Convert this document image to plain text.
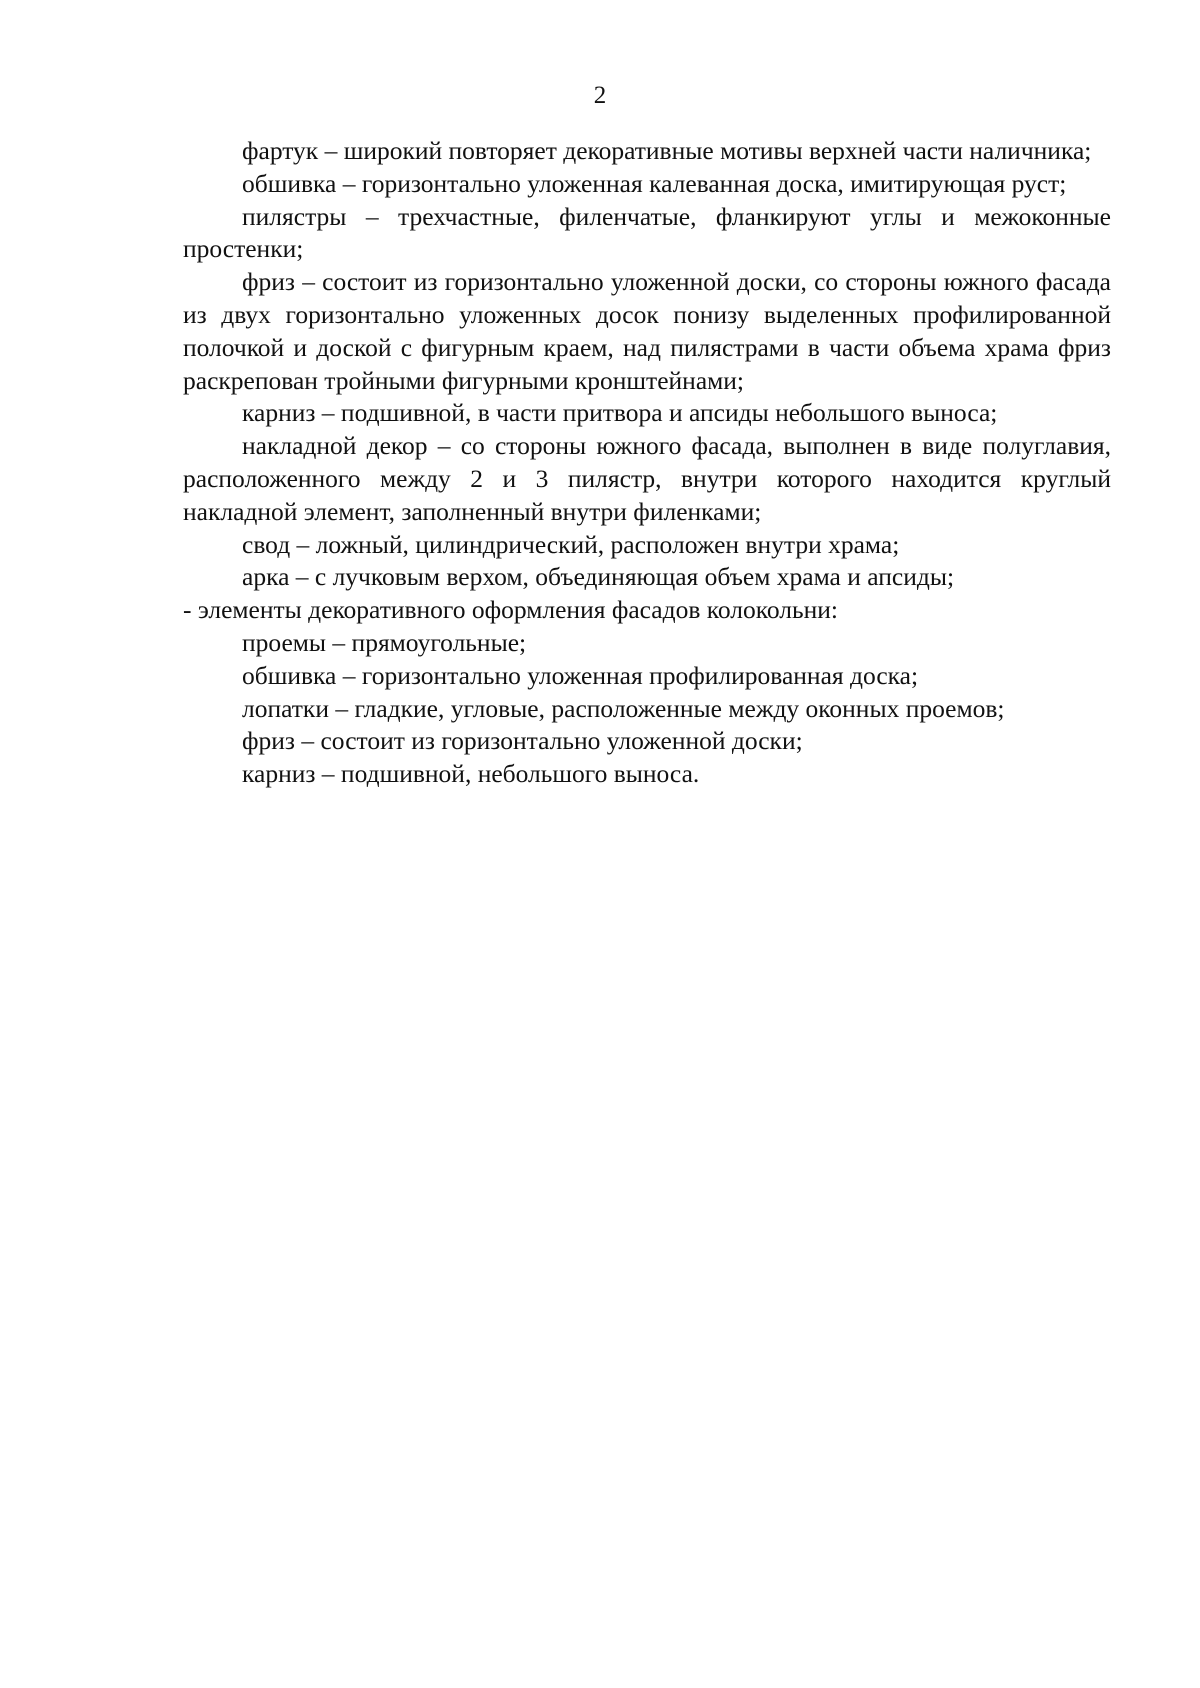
2

фартук – широкий повторяет декоративные мотивы верхней части наличника;

обшивка – горизонтально уложенная калеванная доска, имитирующая руст;

пилястры – трехчастные, филенчатые, фланкируют углы и межоконные простенки;

фриз – состоит из горизонтально уложенной доски, со стороны южного фасада из двух горизонтально уложенных досок понизу выделенных профилированной полочкой и доской с фигурным краем, над пилястрами в части объема храма фриз раскрепован тройными фигурными кронштейнами;

карниз – подшивной, в части притвора и апсиды небольшого выноса;

накладной декор – со стороны южного фасада, выполнен в виде полуглавия, расположенного между 2 и 3 пилястр, внутри которого находится круглый накладной элемент, заполненный внутри филенками;

свод – ложный, цилиндрический, расположен внутри храма;

арка – с лучковым верхом, объединяющая объем храма и апсиды;

- элементы декоративного оформления фасадов колокольни:

проемы – прямоугольные;

обшивка – горизонтально уложенная профилированная доска;

лопатки – гладкие, угловые, расположенные между оконных проемов;

фриз – состоит из горизонтально уложенной доски;

карниз – подшивной, небольшого выноса.
